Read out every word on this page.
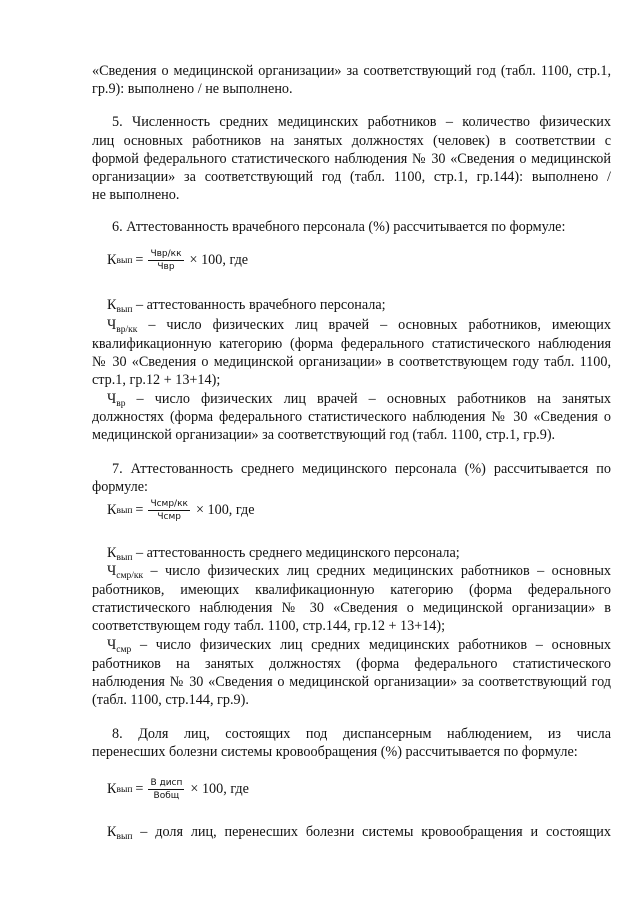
«Сведения о медицинской организации» за соответствующий год (табл. 1100, стр.1,
гр.9): выполнено / не выполнено.
5. Численность средних медицинских работников – количество физических
лиц основных работников на занятых должностях (человек) в соответствии с
формой федерального статистического наблюдения № 30 «Сведения о медицинской
организации» за соответствующий год (табл. 1100, стр.1, гр.144): выполнено /
не выполнено.
6. Аттестованность врачебного персонала (%) рассчитывается по формуле:
К вып = $\frac{\text{Чвр/кк}}{\text{Чвр}} \times 100$, где
$К_{вып}$ – аттестованность врачебного персонала;
$Ч_{вр/кк}$ – число физических лиц врачей – основных работников, имеющих
квалификационную категорию (форма федерального статистического наблюдения
№ 30 «Сведения о медицинской организации» в соответствующем году табл. 1100,
стр.1, гр.12 + 13+14);
$Ч_{вр}$ – число физических лиц врачей – основных работников на занятых
должностях (форма федерального статистического наблюдения № 30 «Сведения о
медицинской организации» за соответствующий год (табл. 1100, стр.1, гр.9).
7. Аттестованность среднего медицинского персонала (%) рассчитывается по
формуле:
К вып = $\frac{\text{Чсмр/кк}}{\text{Чсмр}} \times 100$, где
$К_{вып}$ – аттестованность среднего медицинского персонала;
$Ч_{смр/кк}$ – число физических лиц средних медицинских работников – основных
работников, имеющих квалификационную категорию (форма федерального
статистического наблюдения № 30 «Сведения о медицинской организации» в
соответствующем году табл. 1100, стр.144, гр.12 + 13+14);
$Ч_{смр}$ – число физических лиц средних медицинских работников – основных
работников на занятых должностях (форма федерального статистического
наблюдения № 30 «Сведения о медицинской организации» за соответствующий год
(табл. 1100, стр.144, гр.9).
8. Доля лиц, состоящих под диспансерным наблюдением, из числа
перенесших болезни системы кровообращения (%) рассчитывается по формуле:
К вып = $\frac{\text{В дисп}}{\text{Вобщ}} \times 100$, где
$К_{вып}$ – доля лиц, перенесших болезни системы кровообращения и состоящих
